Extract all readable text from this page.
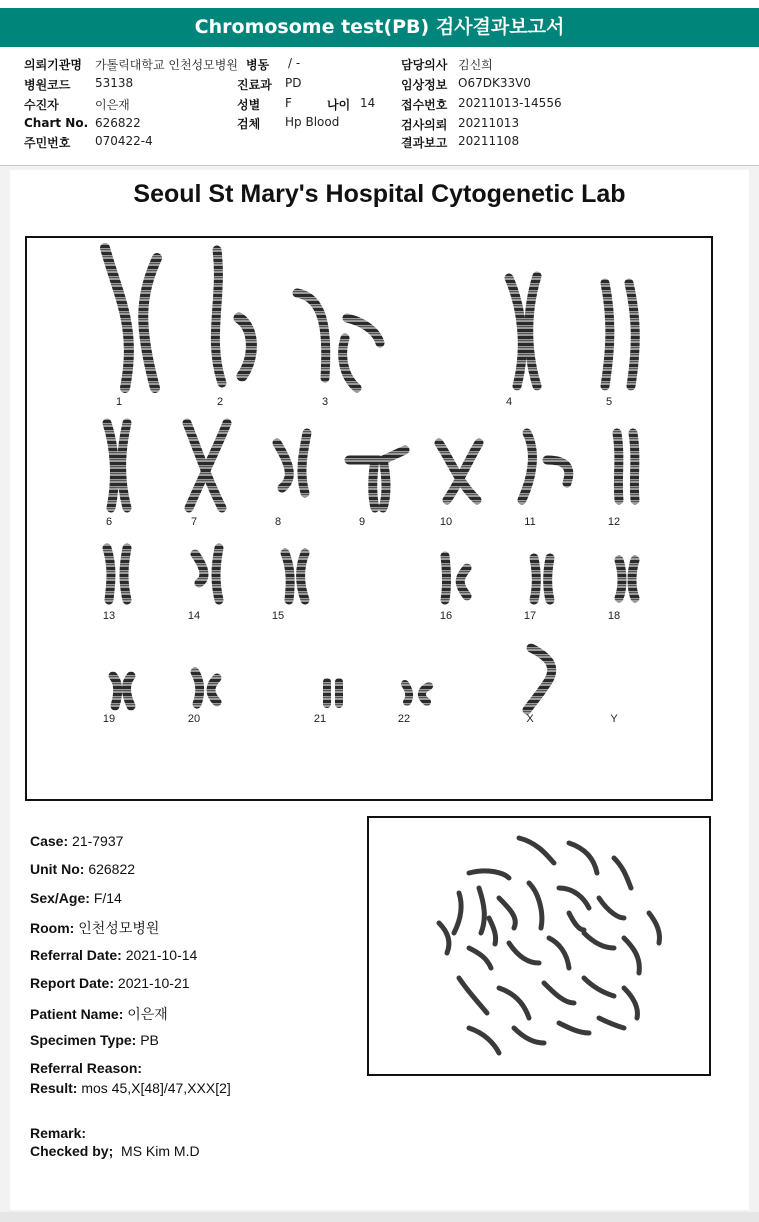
Chromosome test(PB) 검사결과보고서
의뢰기관명 가톨릭대학교 인천성모병원 병동 / -	담당의사 김신희
병원코드 53138	진료과 PD	임상정보 O67DK33V0
수진자	이은재	성별 F	나이 14 접수번호 20211013-14556
Chart No. 626822	검체 Hp Blood	검사의뢰 20211013
주민번호 070422-4	결과보고 20211108
Seoul St Mary's Hospital Cytogenetic Lab
1	2	3	4	5
6	7	8	9	10	11	12
13	14	15	16	17	18
19	20	21	22	X	Y
Case: 21-7937
Unit No: 626822
Sex/Age: F/14
Room: 인천성모병원
Referral Date: 2021-10-14
Report Date: 2021-10-21
Patient Name: 이은재
Specimen Type: PB
Referral Reason:
Result: mos 45,X[48]/47,XXX[2]
Remark:
Checked by; MS Kim M.D
